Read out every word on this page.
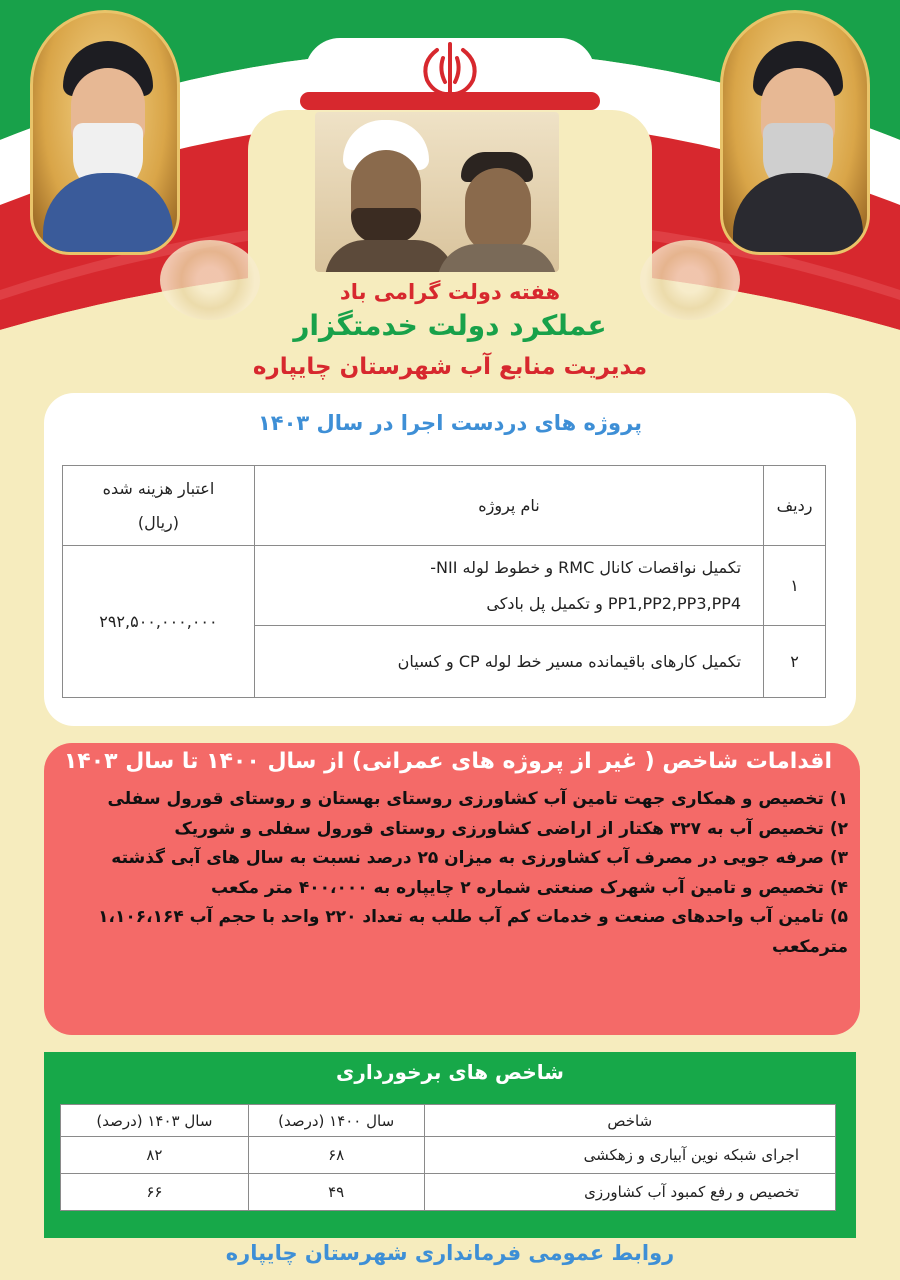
هفته دولت گرامی باد
عملکرد دولت خدمتگزار
مدیریت منابع آب شهرستان چایپاره
پروژه های دردست اجرا در سال ۱۴۰۳
ردیف	نام پروژه	اعتبار هزینه شده
(ریال)

۱	تکمیل نواقصات کانال RMC و خطوط لوله NII-
PP1,PP2,PP3,PP4 و تکمیل پل بادکی	۲۹۲,۵۰۰,۰۰۰,۰۰۰
۲	تکمیل کارهای باقیمانده مسیر خط لوله CP و کسیان	
اقدامات شاخص ( غیر از پروژه های عمرانی) از سال ۱۴۰۰ تا سال ۱۴۰۳
۱) تخصیص و همکاری جهت تامین آب کشاورزی روستای بهستان و روستای قورول سفلی
۲) تخصیص آب به ۳۲۷ هکتار از اراضی کشاورزی روستای قورول سفلی و شوریک
۳) صرفه جویی در مصرف آب کشاورزی به میزان ۲۵ درصد نسبت به سال های آبی گذشته
۴) تخصیص و تامین آب شهرک صنعتی شماره ۲ چایپاره به ۴۰۰،۰۰۰ متر مکعب
۵) تامین آب واحدهای صنعت و خدمات کم آب طلب به تعداد ۲۲۰ واحد با حجم آب ۱،۱۰۶،۱۶۴ مترمکعب
شاخص های برخورداری
شاخص	سال ۱۴۰۰ (درصد)	سال ۱۴۰۳ (درصد)
اجرای شبکه نوین آبیاری و زهکشی	۶۸	۸۲
تخصیص و رفع کمبود آب کشاورزی	۴۹	۶۶
روابط عمومی فرمانداری شهرستان چایپاره
